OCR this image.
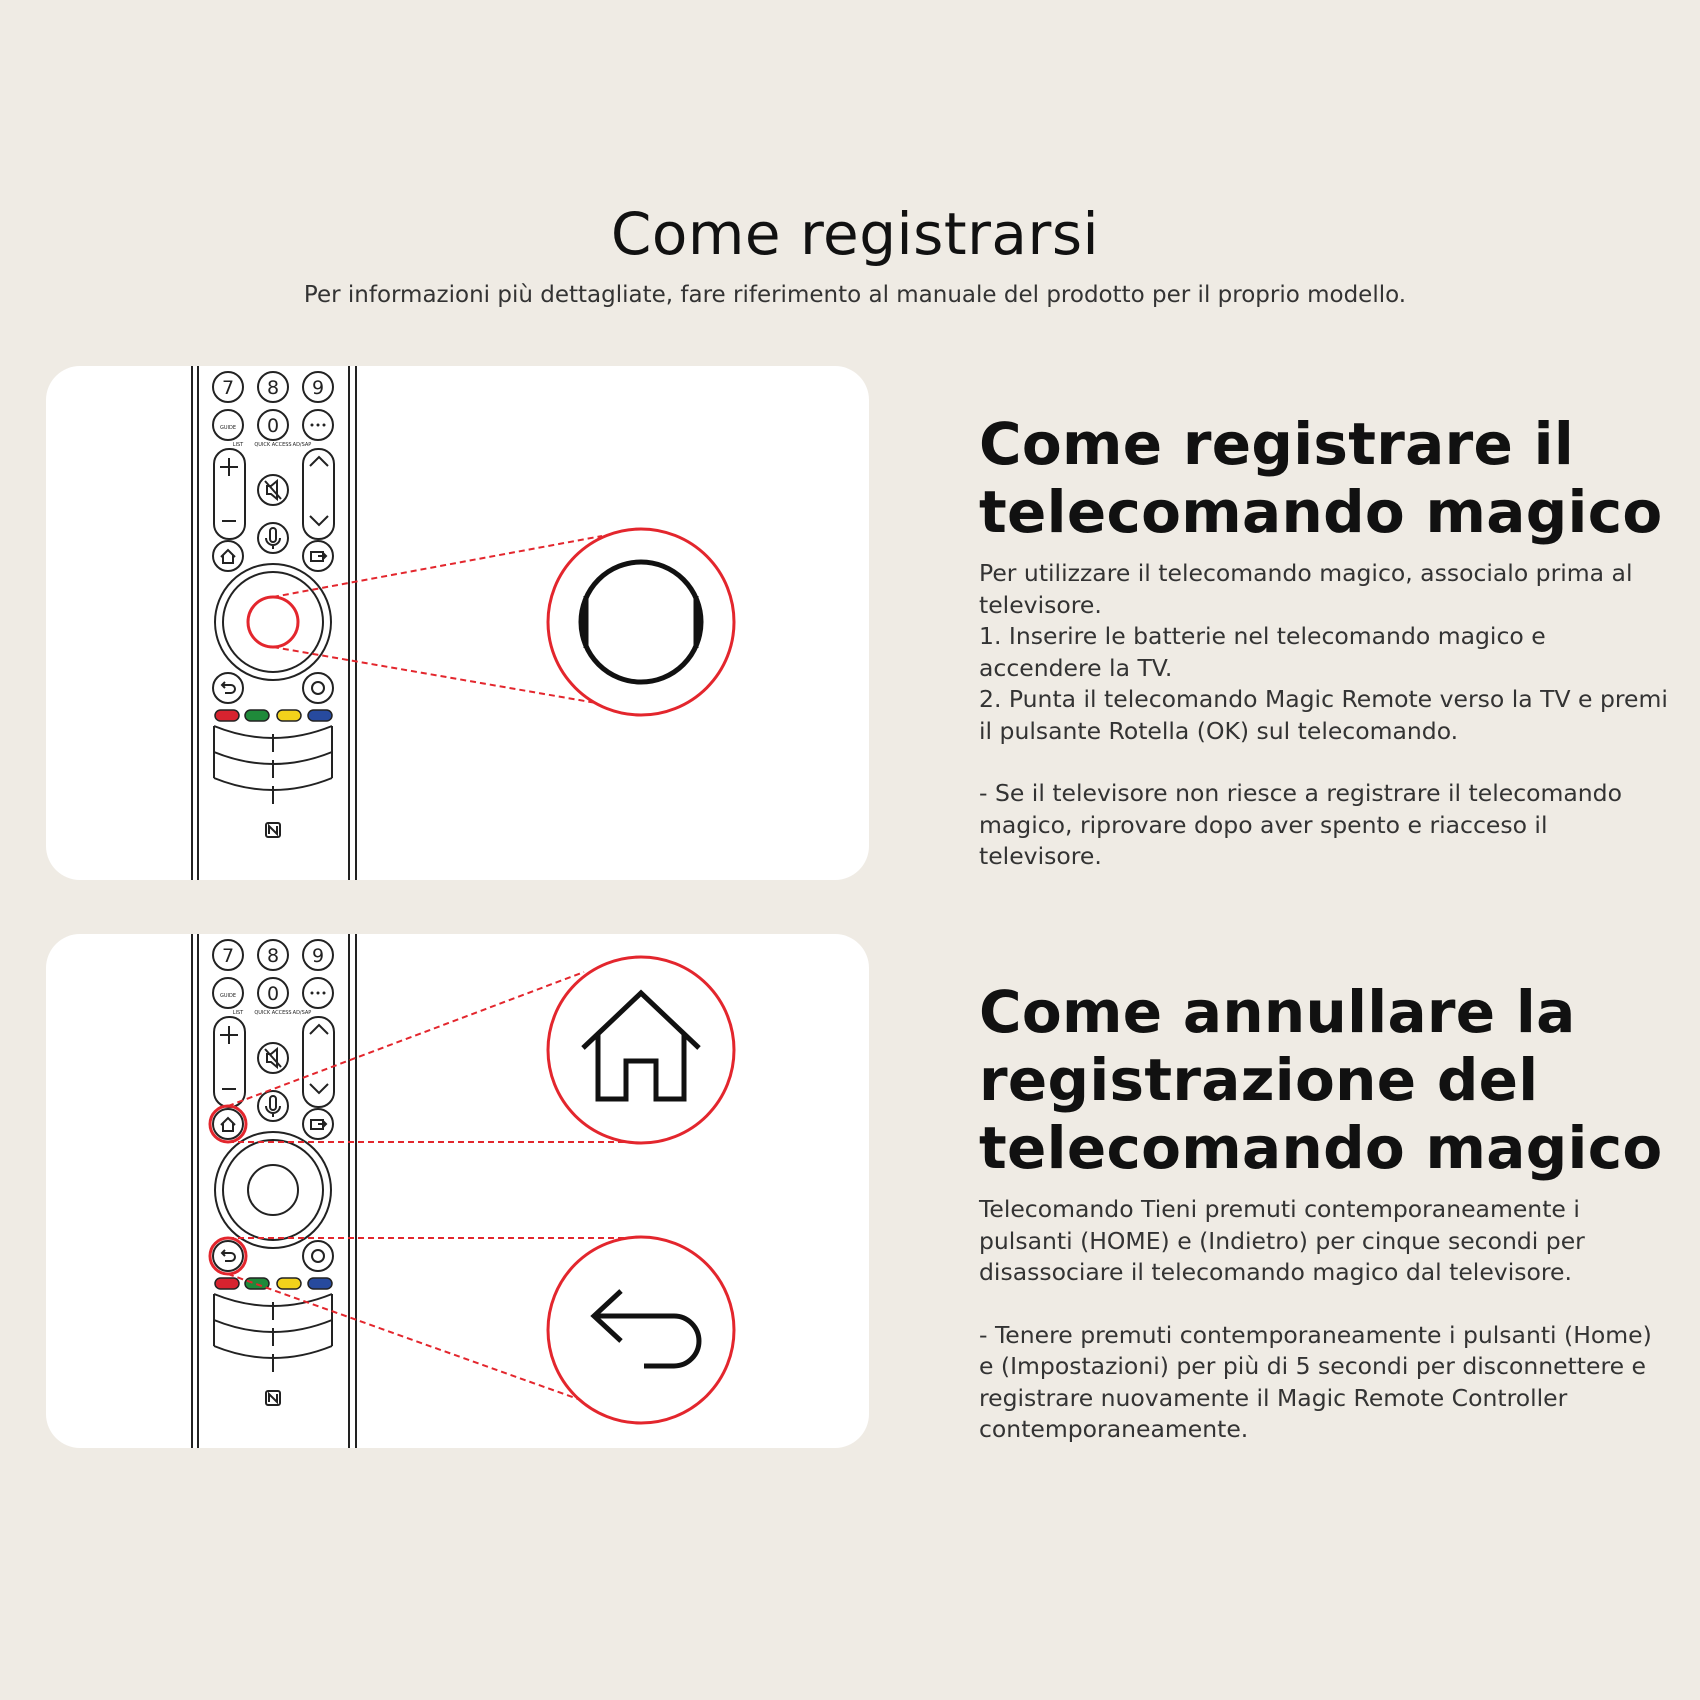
Come registrarsi

Per informazioni più dettagliate, fare riferimento al manuale del prodotto per il proprio modello.

7 8 9
0
GUIDE
LIST QUICK ACCESS AD/SAP	Come registrare il
telecomando magico

Per utilizzare il telecomando magico, associalo prima al televisore.

1. Inserire le batterie nel telecomando magico e accendere la TV.

2. Punta il telecomando Magic Remote verso la TV e premi il pulsante Rotella (OK) sul telecomando.

- Se il televisore non riesce a registrare il telecomando magico, riprovare dopo aver spento e riacceso il televisore.

7 8 9
0
GUIDE
LIST QUICK ACCESS AD/SAP	Come annullare la
registrazione del
telecomando magico

Telecomando Tieni premuti contemporaneamente i pulsanti (HOME) e (Indietro) per cinque secondi per disassociare il telecomando magico dal televisore.

- Tenere premuti contemporaneamente i pulsanti (Home) e (Impostazioni) per più di 5 secondi per disconnettere e registrare nuovamente il Magic Remote Controller contemporaneamente.
